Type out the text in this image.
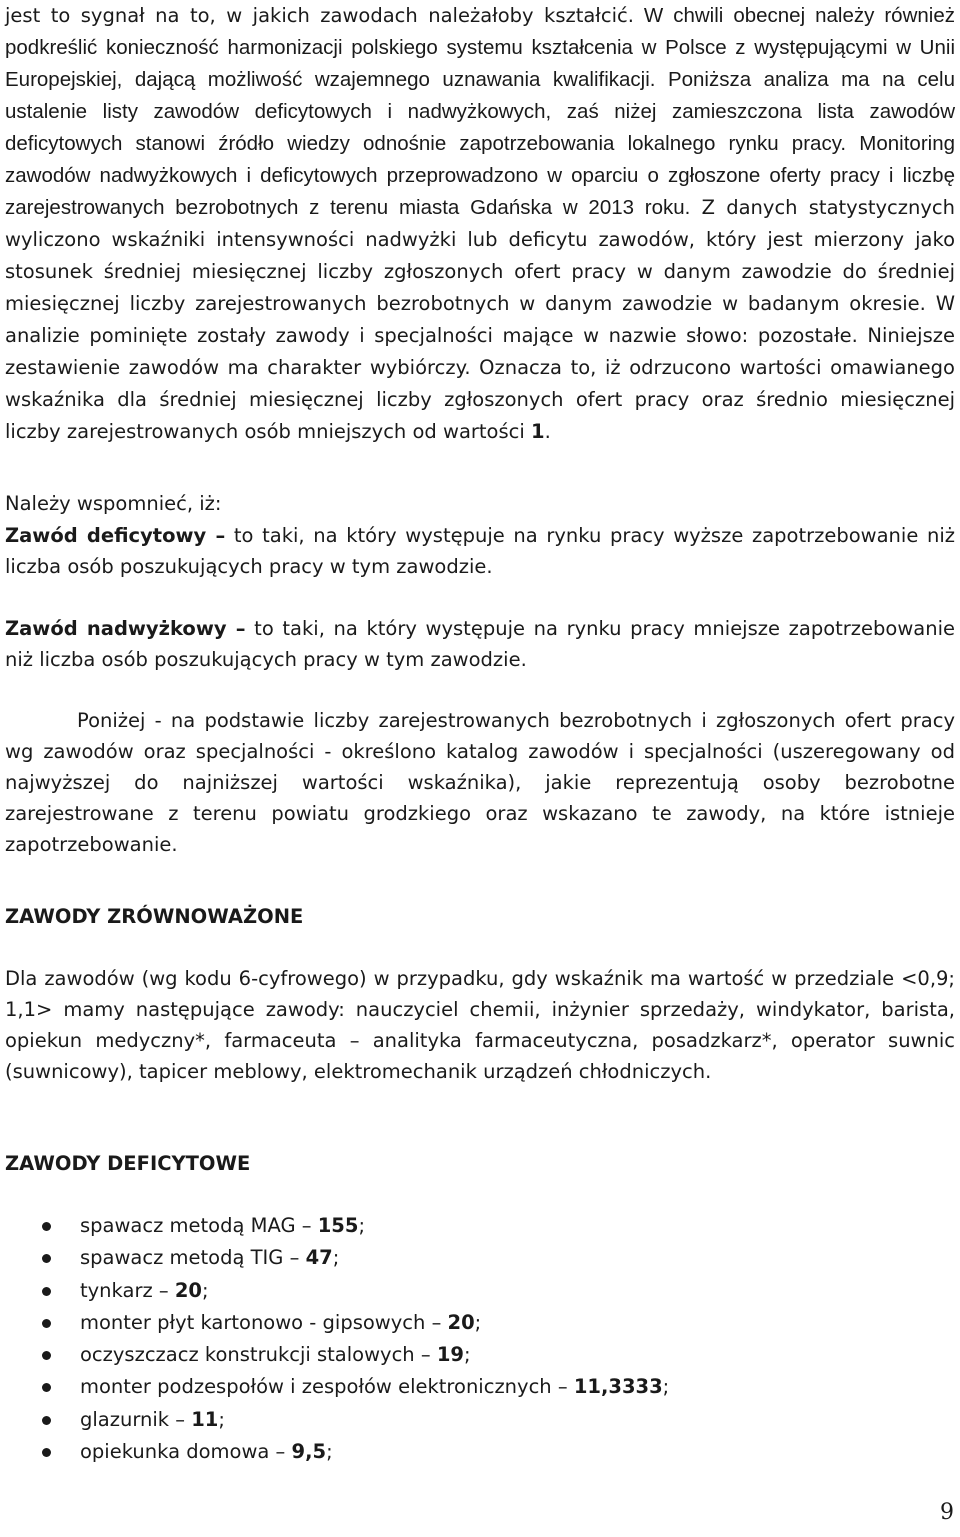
jest to sygnał na to, w jakich zawodach należałoby kształcić. W chwili obecnej należy również podkreślić konieczność harmonizacji polskiego systemu kształcenia w Polsce z występującymi w Unii Europejskiej, dającą możliwość wzajemnego uznawania kwalifikacji. Poniższa analiza ma na celu ustalenie listy zawodów deficytowych i nadwyżkowych, zaś niżej zamieszczona lista zawodów deficytowych stanowi źródło wiedzy odnośnie zapotrzebowania lokalnego rynku pracy. Monitoring zawodów nadwyżkowych i deficytowych przeprowadzono w oparciu o zgłoszone oferty pracy i liczbę zarejestrowanych bezrobotnych z terenu miasta Gdańska w 2013 roku. Z danych statystycznych wyliczono wskaźniki intensywności nadwyżki lub deficytu zawodów, który jest mierzony jako stosunek średniej miesięcznej liczby zgłoszonych ofert pracy w danym zawodzie do średniej miesięcznej liczby zarejestrowanych bezrobotnych w danym zawodzie w badanym okresie. W analizie pominięte zostały zawody i specjalności mające w nazwie słowo: pozostałe. Niniejsze zestawienie zawodów ma charakter wybiórczy. Oznacza to, iż odrzucono wartości omawianego wskaźnika dla średniej miesięcznej liczby zgłoszonych ofert pracy oraz średnio miesięcznej liczby zarejestrowanych osób mniejszych od wartości 1.

Należy wspomnieć, iż:

Zawód deficytowy – to taki, na który występuje na rynku pracy wyższe zapotrzebowanie niż liczba osób poszukujących pracy w tym zawodzie.

Zawód nadwyżkowy – to taki, na który występuje na rynku pracy mniejsze zapotrzebowanie niż liczba osób poszukujących pracy w tym zawodzie.

Poniżej - na podstawie liczby zarejestrowanych bezrobotnych i zgłoszonych ofert pracy wg zawodów oraz specjalności - określono katalog zawodów i specjalności (uszeregowany od najwyższej do najniższej wartości wskaźnika), jakie reprezentują osoby bezrobotne zarejestrowane z terenu powiatu grodzkiego oraz wskazano te zawody, na które istnieje zapotrzebowanie.

ZAWODY ZRÓWNOWAŻONE

Dla zawodów (wg kodu 6-cyfrowego) w przypadku, gdy wskaźnik ma wartość w przedziale <0,9; 1,1> mamy następujące zawody: nauczyciel chemii, inżynier sprzedaży, windykator, barista, opiekun medyczny*, farmaceuta – analityka farmaceutyczna, posadzkarz*, operator suwnic (suwnicowy), tapicer meblowy, elektromechanik urządzeń chłodniczych.

ZAWODY DEFICYTOWE
spawacz metodą MAG – 155;
spawacz metodą TIG – 47;
tynkarz – 20;
monter płyt kartonowo - gipsowych – 20;
oczyszczacz konstrukcji stalowych – 19;
monter podzespołów i zespołów elektronicznych – 11,3333;
glazurnik – 11;
opiekunka domowa – 9,5;
9
